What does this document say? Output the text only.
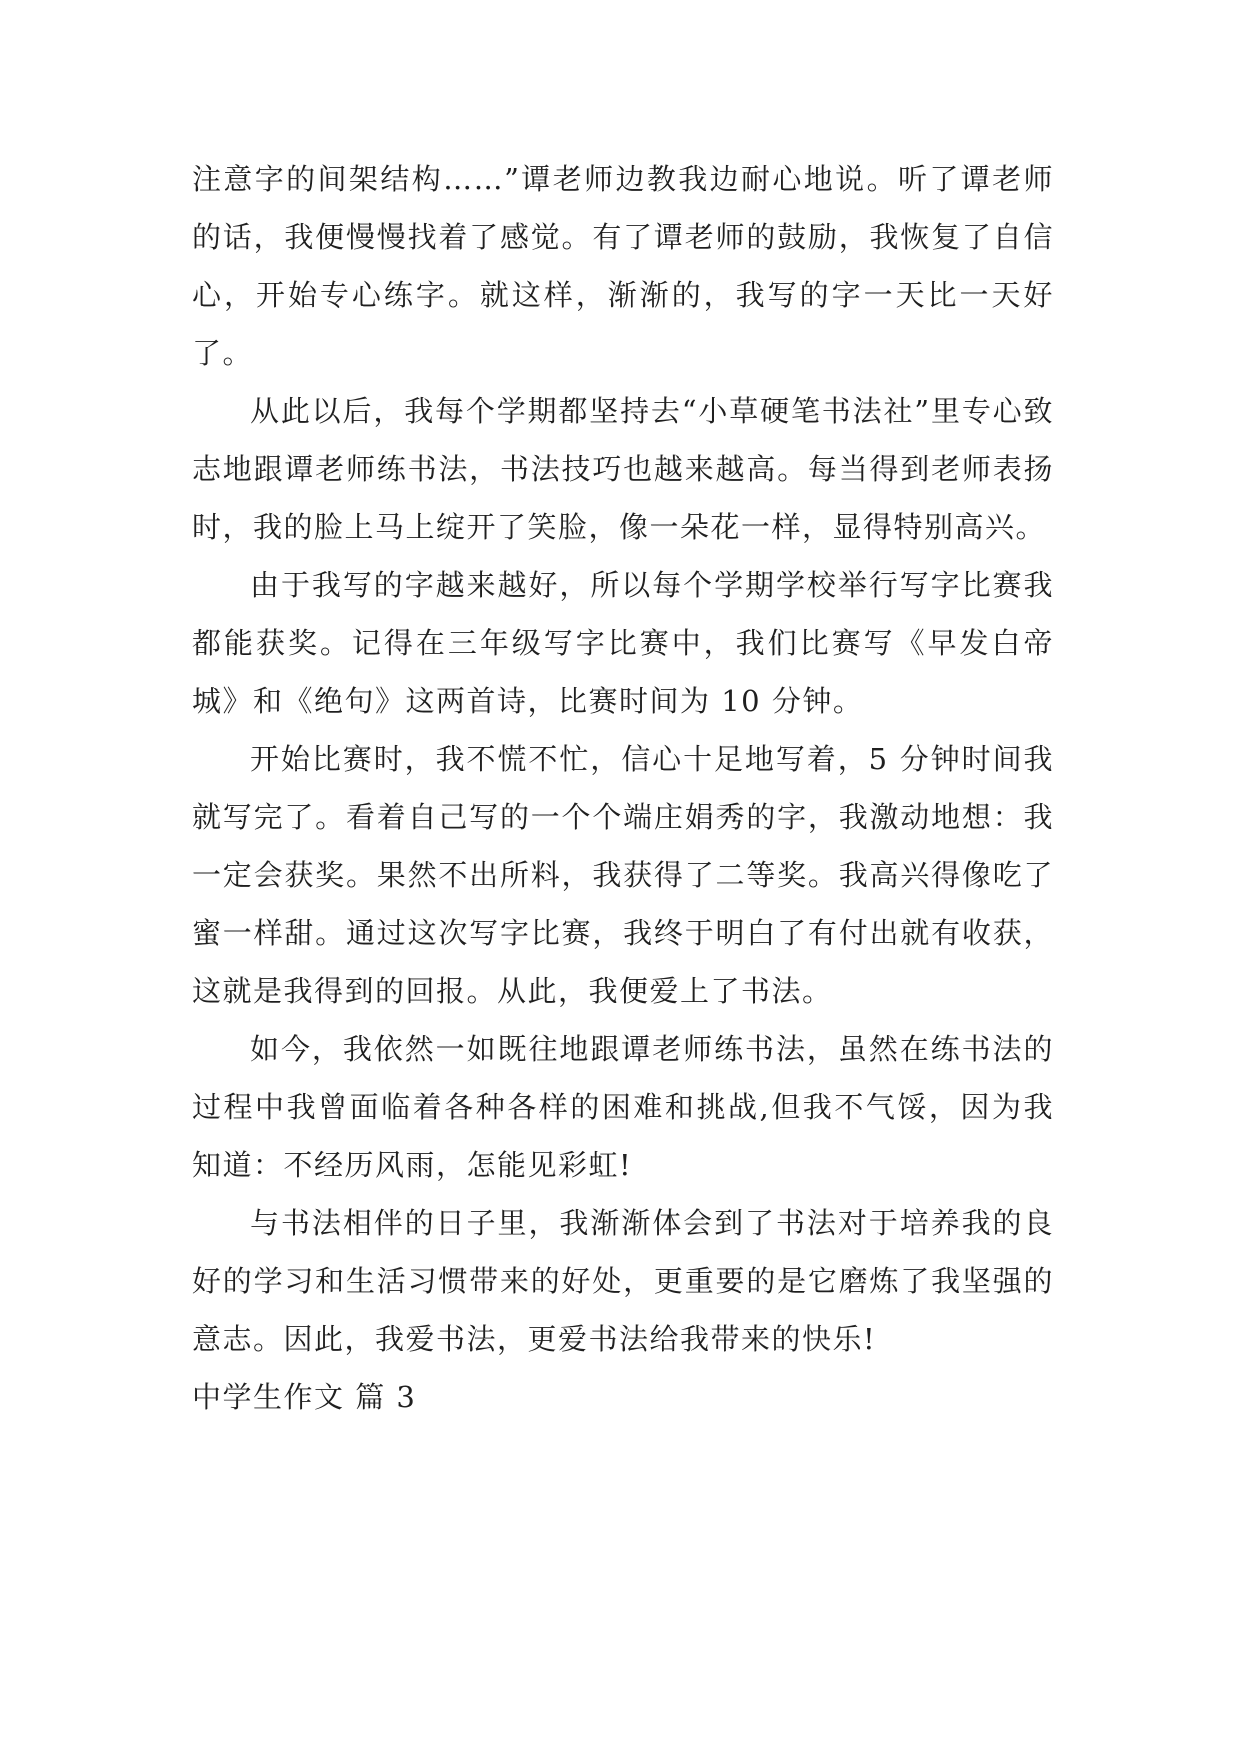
注意字的间架结构……”谭老师边教我边耐心地说。听了谭老师的话，我便慢慢找着了感觉。有了谭老师的鼓励，我恢复了自信心，开始专心练字。就这样，渐渐的，我写的字一天比一天好了。

从此以后，我每个学期都坚持去“小草硬笔书法社”里专心致志地跟谭老师练书法，书法技巧也越来越高。每当得到老师表扬时，我的脸上马上绽开了笑脸，像一朵花一样，显得特别高兴。

由于我写的字越来越好，所以每个学期学校举行写字比赛我都能获奖。记得在三年级写字比赛中，我们比赛写《早发白帝城》和《绝句》这两首诗，比赛时间为 10 分钟。

开始比赛时，我不慌不忙，信心十足地写着，5 分钟时间我就写完了。看着自己写的一个个端庄娟秀的字，我激动地想：我一定会获奖。果然不出所料，我获得了二等奖。我高兴得像吃了蜜一样甜。通过这次写字比赛，我终于明白了有付出就有收获，这就是我得到的回报。从此，我便爱上了书法。

如今，我依然一如既往地跟谭老师练书法，虽然在练书法的过程中我曾面临着各种各样的困难和挑战,但我不气馁，因为我知道：不经历风雨，怎能见彩虹!

与书法相伴的日子里，我渐渐体会到了书法对于培养我的良好的学习和生活习惯带来的好处，更重要的是它磨炼了我坚强的意志。因此，我爱书法，更爱书法给我带来的快乐!

中学生作文 篇 3
